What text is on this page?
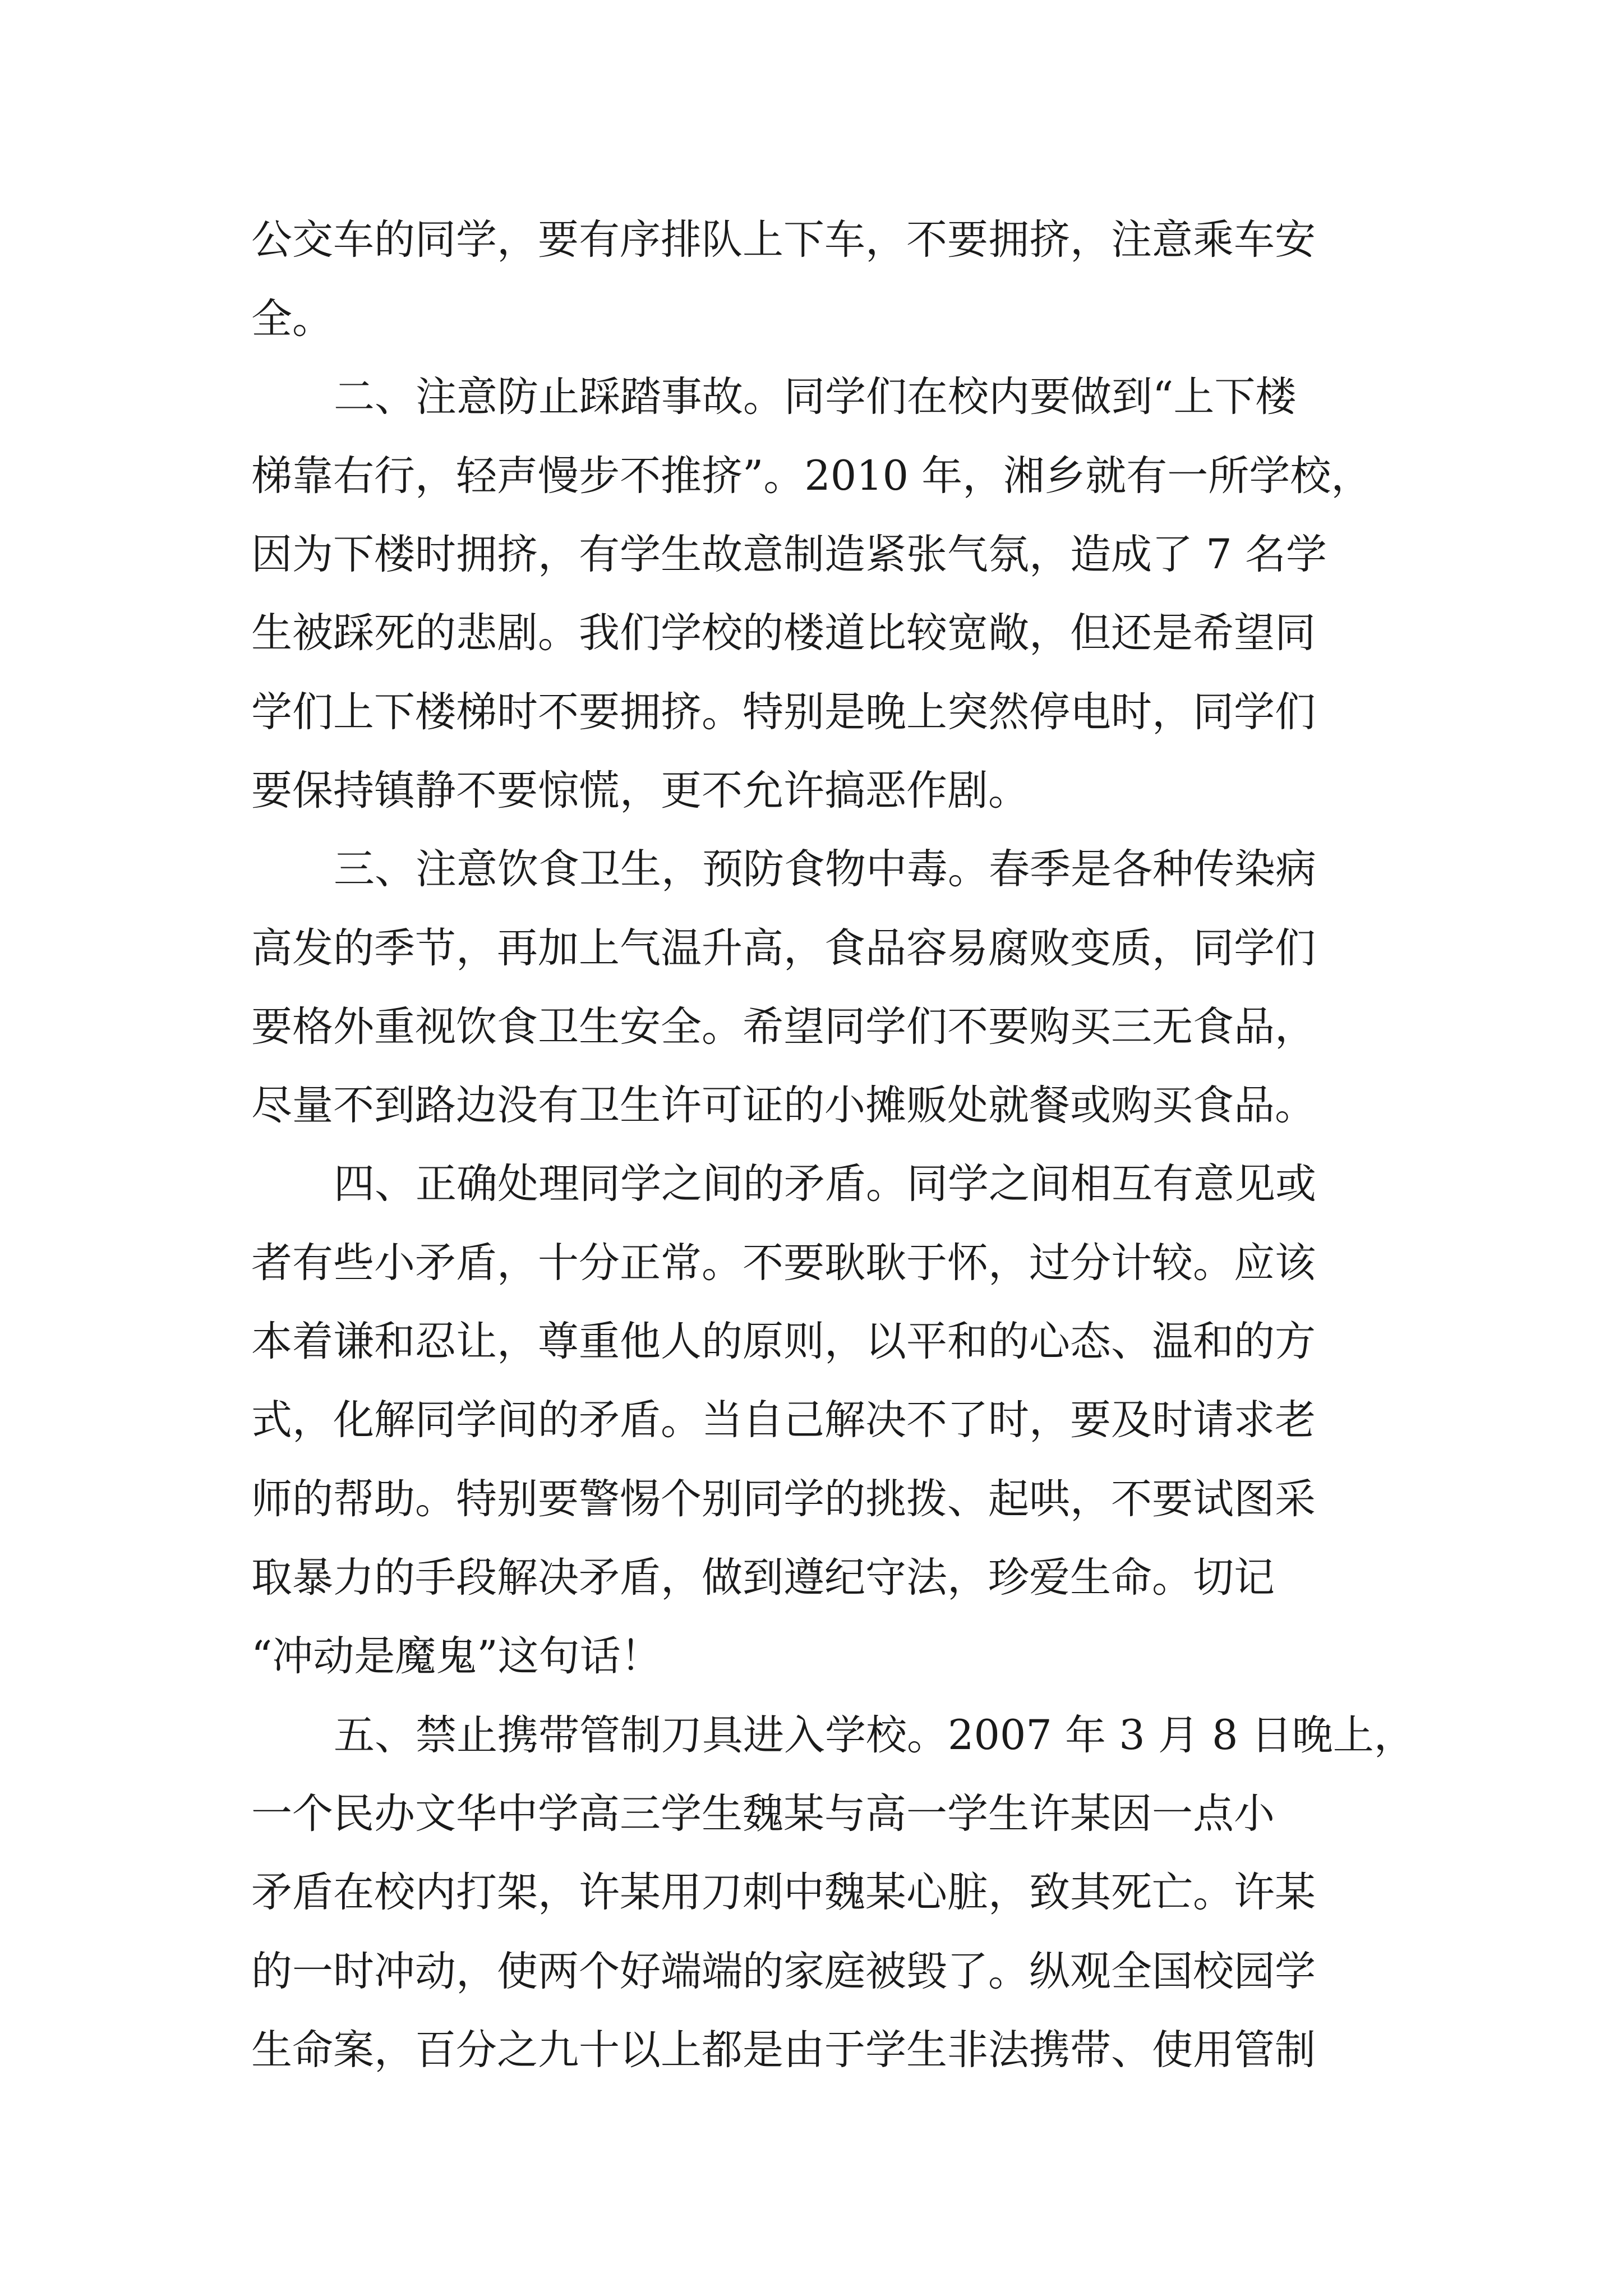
公交车的同学，要有序排队上下车，不要拥挤，注意乘车安

全。

二、注意防止踩踏事故。同学们在校内要做到“上下楼

梯靠右行，轻声慢步不推挤”。2010 年，湘乡就有一所学校，

因为下楼时拥挤，有学生故意制造紧张气氛，造成了 7 名学

生被踩死的悲剧。我们学校的楼道比较宽敞，但还是希望同

学们上下楼梯时不要拥挤。特别是晚上突然停电时，同学们

要保持镇静不要惊慌，更不允许搞恶作剧。

三、注意饮食卫生，预防食物中毒。春季是各种传染病

高发的季节，再加上气温升高，食品容易腐败变质，同学们

要格外重视饮食卫生安全。希望同学们不要购买三无食品，

尽量不到路边没有卫生许可证的小摊贩处就餐或购买食品。

四、正确处理同学之间的矛盾。同学之间相互有意见或

者有些小矛盾，十分正常。不要耿耿于怀，过分计较。应该

本着谦和忍让，尊重他人的原则，以平和的心态、温和的方

式，化解同学间的矛盾。当自己解决不了时，要及时请求老

师的帮助。特别要警惕个别同学的挑拨、起哄，不要试图采

取暴力的手段解决矛盾，做到遵纪守法，珍爱生命。切记

“冲动是魔鬼”这句话！

五、禁止携带管制刀具进入学校。2007 年 3 月 8 日晚上，

一个民办文华中学高三学生魏某与高一学生许某因一点小

矛盾在校内打架，许某用刀刺中魏某心脏，致其死亡。许某

的一时冲动，使两个好端端的家庭被毁了。纵观全国校园学

生命案，百分之九十以上都是由于学生非法携带、使用管制
